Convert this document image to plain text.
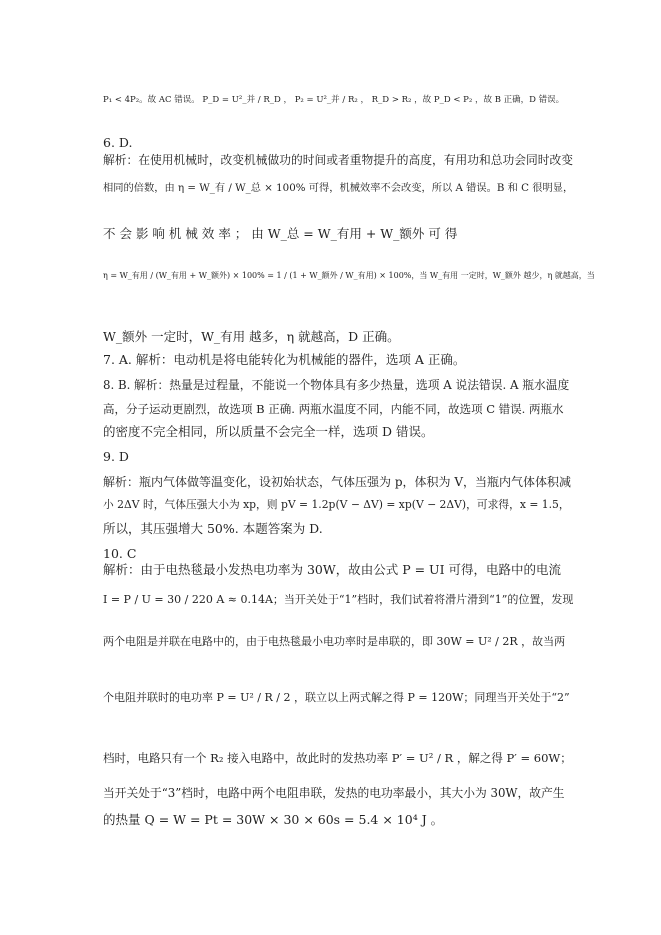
P₁ < 4P₂。故 AC 错误。 P_D = U²_并 / R_D ， P₂ = U²_并 / R₂ ， R_D > R₂ ，故 P_D < P₂ ，故 B 正确，D 错误。
6. D.
解析：在使用机械时，改变机械做功的时间或者重物提升的高度，有用功和总功会同时改变
相同的倍数，由 η = W_有 / W_总 × 100% 可得，机械效率不会改变，所以 A 错误。B 和 C 很明显，
不 会 影 响 机 械 效 率 ； 由 W_总 = W_有用 + W_额外 可 得
η = W_有用 / (W_有用 + W_额外) × 100% = 1 / (1 + W_额外 / W_有用) × 100%，当 W_有用 一定时，W_额外 越少，η 就越高，当
W_额外 一定时，W_有用 越多，η 就越高，D 正确。
7. A. 解析：电动机是将电能转化为机械能的器件，选项 A 正确。
8. B. 解析：热量是过程量，不能说一个物体具有多少热量，选项 A 说法错误. A 瓶水温度
高，分子运动更剧烈，故选项 B 正确. 两瓶水温度不同，内能不同，故选项 C 错误. 两瓶水
的密度不完全相同，所以质量不会完全一样，选项 D 错误。
9. D
解析：瓶内气体做等温变化，设初始状态，气体压强为 p，体积为 V，当瓶内气体体积减
小 2ΔV 时，气体压强大小为 xp，则 pV = 1.2p(V − ΔV) = xp(V − 2ΔV)，可求得，x = 1.5，
所以，其压强增大 50%. 本题答案为 D.
10. C
解析：由于电热毯最小发热电功率为 30W，故由公式 P = UI 可得，电路中的电流
I = P / U = 30 / 220 A ≈ 0.14A；当开关处于“1”档时，我们试着将滑片滑到“1”的位置，发现
两个电阻是并联在电路中的，由于电热毯最小电功率时是串联的，即 30W = U² / 2R ，故当两
个电阻并联时的电功率 P = U² / R / 2 ，联立以上两式解之得 P = 120W；同理当开关处于“2”
档时，电路只有一个 R₂ 接入电路中，故此时的发热功率 P′ = U² / R ，解之得 P′ = 60W；
当开关处于“3”档时，电路中两个电阻串联，发热的电功率最小，其大小为 30W，故产生
的热量 Q = W = Pt = 30W × 30 × 60s = 5.4 × 10⁴ J 。
